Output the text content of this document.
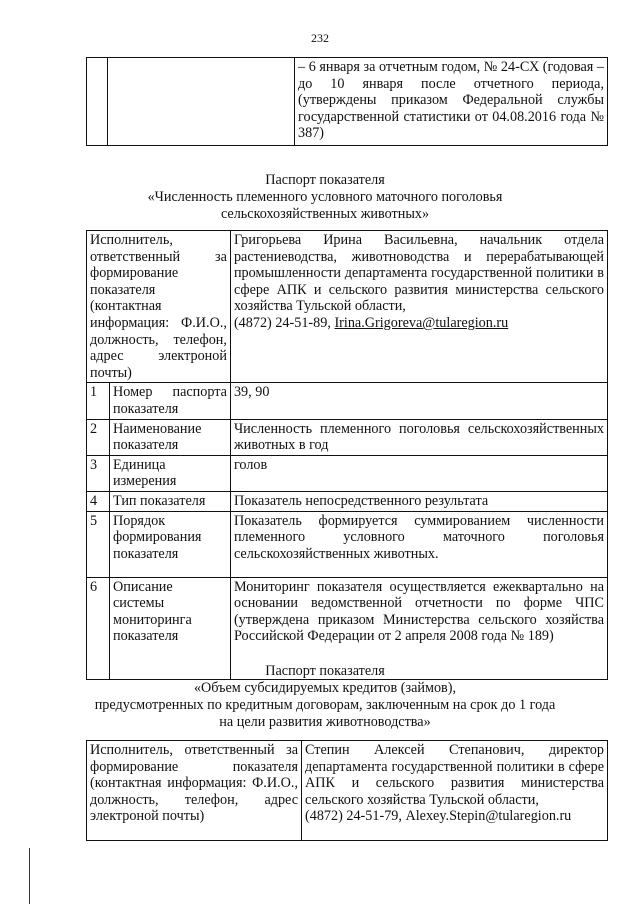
232
		– 6 января за отчетным годом, № 24-СХ (годовая – до 10 января после отчетного периода, (утверждены приказом Федеральной службы государственной статистики от 04.08.2016 года № 387)
Паспорт показателя
«Численность племенного условного маточного поголовья
сельскохозяйственных животных»
Исполнитель, ответственный за формирование показателя (контактная информация: Ф.И.О., должность, телефон, адрес электроной почты)		Григорьева Ирина Васильевна, начальник отдела растениеводства, животноводства и перерабатывающей промышленности департамента государственной политики в сфере АПК и сельского развития министерства сельского хозяйства Тульской области,
(4872) 24-51-89, Irina.Grigoreva@tularegion.ru
1	Номер паспорта показателя	39, 90
2	Наименование показателя	Численность племенного поголовья сельскохозяйственных животных в год
3	Единица измерения	голов
4	Тип показателя	Показатель непосредственного результата
5	Порядок формирования показателя	Показатель формируется суммированием численности племенного условного маточного поголовья сельскохозяйственных животных.
6	Описание системы мониторинга показателя	Мониторинг показателя осуществляется ежеквартально на основании ведомственной отчетности по форме ЧПС (утверждена приказом Министерства сельского хозяйства Российской Федерации от 2 апреля 2008 года № 189)
Паспорт показателя
«Объем субсидируемых кредитов (займов),
предусмотренных по кредитным договорам, заключенным на срок до 1 года
на цели развития животноводства»
Исполнитель, ответственный за формирование показателя (контактная информация: Ф.И.О., должность, телефон, адрес электроной почты)	Степин Алексей Степанович, директор департамента государственной политики в сфере АПК и сельского развития министерства сельского хозяйства Тульской области,
(4872) 24-51-79, Alexey.Stepin@tularegion.ru
